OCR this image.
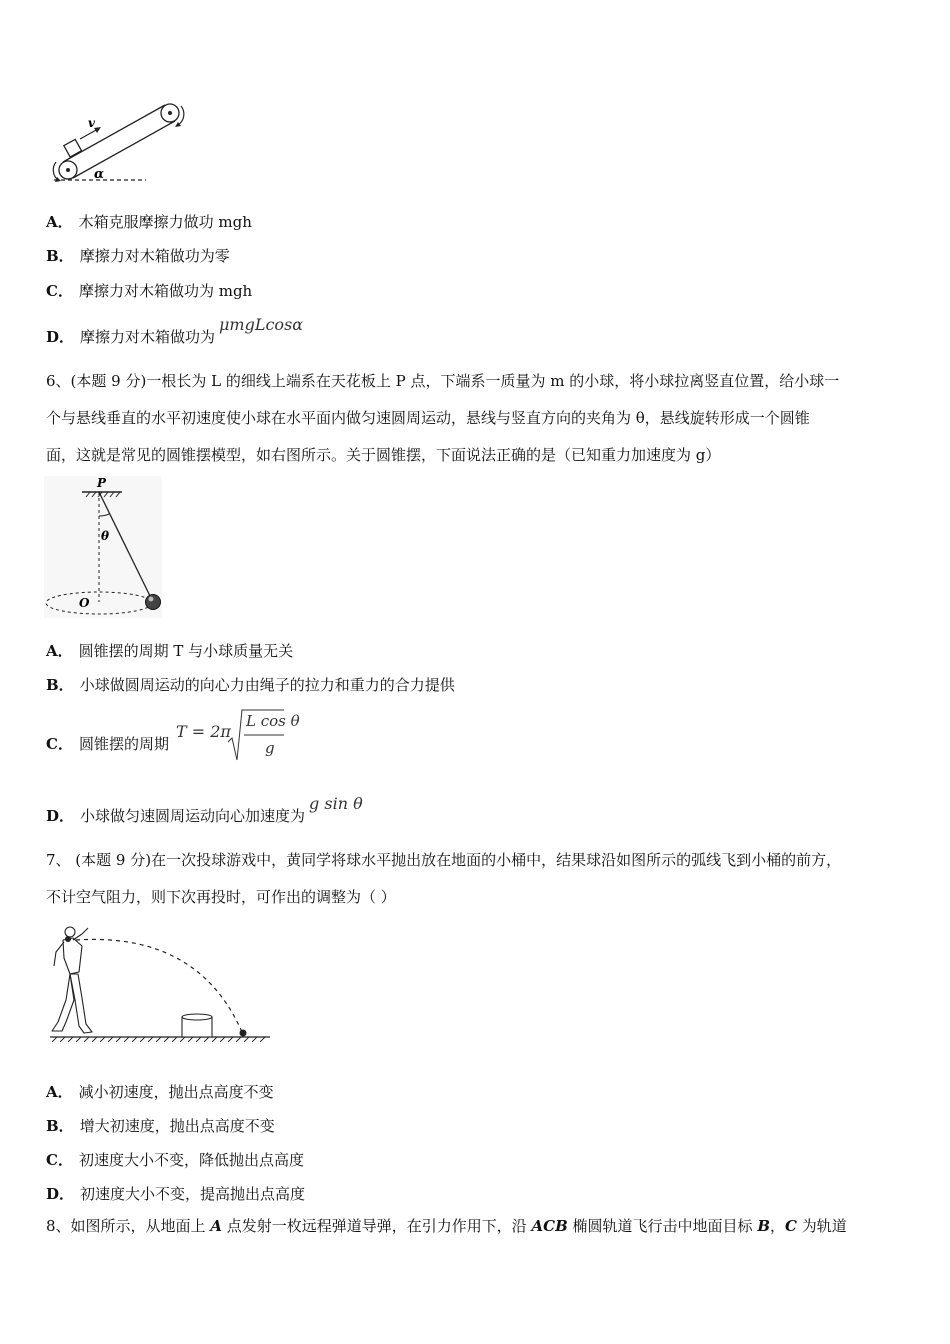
v
α
A． 木箱克服摩擦力做功 mgh
B． 摩擦力对木箱做功为零
C． 摩擦力对木箱做功为 mgh
D． 摩擦力对木箱做功为μmgLcosα
6、(本题 9 分)一根长为 L 的细线上端系在天花板上 P 点，下端系一质量为 m 的小球，将小球拉离竖直位置，给小球一
个与悬线垂直的水平初速度使小球在水平面内做匀速圆周运动，悬线与竖直方向的夹角为 θ，悬线旋转形成一个圆锥
面，这就是常见的圆锥摆模型，如右图所示。关于圆锥摆，下面说法正确的是（已知重力加速度为 g）
P
θ
O
A． 圆锥摆的周期 T 与小球质量无关
B． 小球做圆周运动的向心力由绳子的拉力和重力的合力提供
C． 圆锥摆的周期
T = 2π
L cos θ
g
D． 小球做匀速圆周运动向心加速度为g sin θ
7、 (本题 9 分)在一次投球游戏中，黄同学将球水平抛出放在地面的小桶中，结果球沿如图所示的弧线飞到小桶的前方，
不计空气阻力，则下次再投时，可作出的调整为（ ）
A． 减小初速度，抛出点高度不变
B． 增大初速度，抛出点高度不变
C． 初速度大小不变，降低抛出点高度
D． 初速度大小不变，提高抛出点高度
8、如图所示，从地面上 A 点发射一枚远程弹道导弹，在引力作用下，沿 ACB 椭圆轨道飞行击中地面目标 B，C 为轨道
